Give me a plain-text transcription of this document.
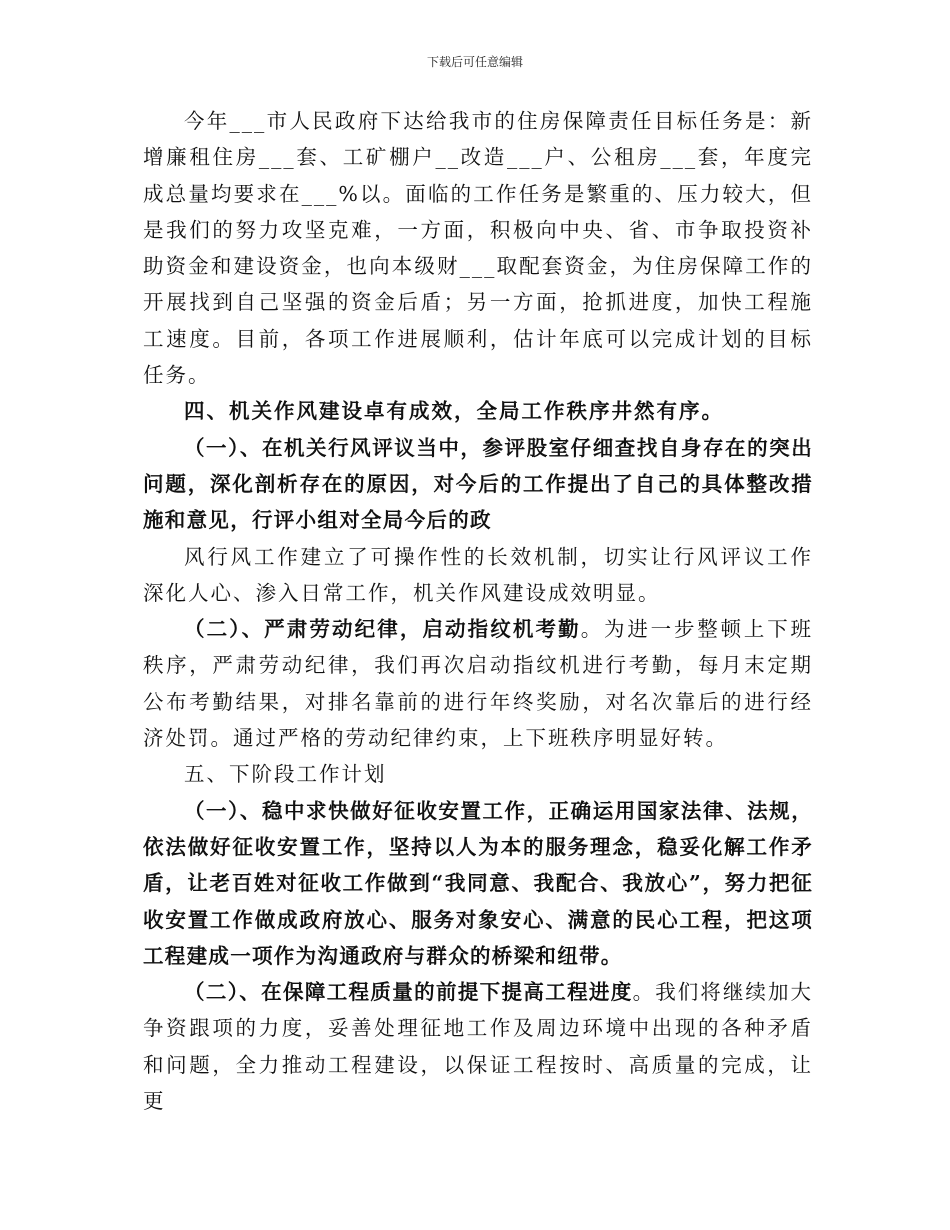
下载后可任意编辑

今年___市人民政府下达给我市的住房保障责任目标任务是：新增廉租住房___套、工矿棚户__改造___户、公租房___套，年度完成总量均要求在___%以。面临的工作任务是繁重的、压力较大，但是我们的努力攻坚克难，一方面，积极向中央、省、市争取投资补助资金和建设资金，也向本级财___取配套资金，为住房保障工作的开展找到自己坚强的资金后盾；另一方面，抢抓进度，加快工程施工速度。目前，各项工作进展顺利，估计年底可以完成计划的目标任务。

四、机关作风建设卓有成效，全局工作秩序井然有序。

（一）、在机关行风评议当中，参评股室仔细查找自身存在的突出问题，深化剖析存在的原因，对今后的工作提出了自己的具体整改措施和意见，行评小组对全局今后的政

风行风工作建立了可操作性的长效机制，切实让行风评议工作深化人心、渗入日常工作，机关作风建设成效明显。

（二）、严肃劳动纪律，启动指纹机考勤。为进一步整顿上下班秩序，严肃劳动纪律，我们再次启动指纹机进行考勤，每月末定期公布考勤结果，对排名靠前的进行年终奖励，对名次靠后的进行经济处罚。通过严格的劳动纪律约束，上下班秩序明显好转。

五、下阶段工作计划

（一）、稳中求快做好征收安置工作，正确运用国家法律、法规，依法做好征收安置工作，坚持以人为本的服务理念，稳妥化解工作矛盾，让老百姓对征收工作做到“我同意、我配合、我放心”，努力把征收安置工作做成政府放心、服务对象安心、满意的民心工程，把这项工程建成一项作为沟通政府与群众的桥梁和纽带。

（二）、在保障工程质量的前提下提高工程进度。我们将继续加大争资跟项的力度，妥善处理征地工作及周边环境中出现的各种矛盾和问题，全力推动工程建设，以保证工程按时、高质量的完成，让更
